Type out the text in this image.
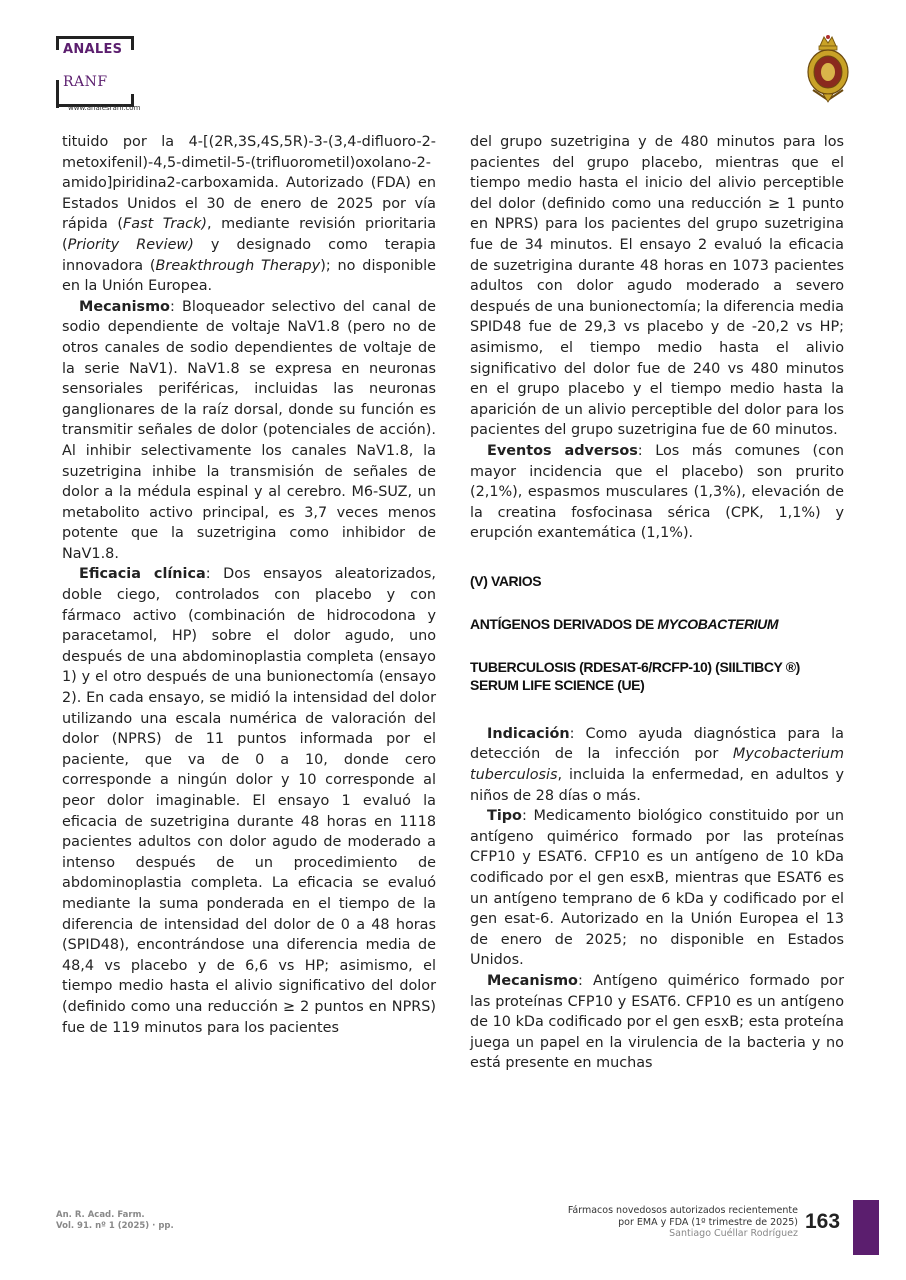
ANALES
RANF
www.analesranf.com

tituido por la 4-[(2R,3S,4S,5R)-3-(3,4-difluoro-2-metoxifenil)-4,5-dimetil-5-(trifluorometil)oxolano-2-amido]piridina2-carboxamida. Autorizado (FDA) en Estados Unidos el 30 de enero de 2025 por vía rápida (Fast Track), mediante revisión prioritaria (Priority Review) y designado como terapia innovadora (Breakthrough Therapy); no disponible en la Unión Europea.

Mecanismo: Bloqueador selectivo del canal de sodio dependiente de voltaje NaV1.8 (pero no de otros canales de sodio dependientes de voltaje de la serie NaV1). NaV1.8 se expresa en neuronas sensoriales periféricas, incluidas las neuronas ganglionares de la raíz dorsal, donde su función es transmitir señales de dolor (potenciales de acción). Al inhibir selectivamente los canales NaV1.8, la suzetrigina inhibe la transmisión de señales de dolor a la médula espinal y al cerebro. M6-SUZ, un metabolito activo principal, es 3,7 veces menos potente que la suzetrigina como inhibidor de NaV1.8.

Eficacia clínica: Dos ensayos aleatorizados, doble ciego, controlados con placebo y con fármaco activo (combinación de hidrocodona y paracetamol, HP) sobre el dolor agudo, uno después de una abdominoplastia completa (ensayo 1) y el otro después de una bunionectomía (ensayo 2). En cada ensayo, se midió la intensidad del dolor utilizando una escala numérica de valoración del dolor (NPRS) de 11 puntos informada por el paciente, que va de 0 a 10, donde cero corresponde a ningún dolor y 10 corresponde al peor dolor imaginable. El ensayo 1 evaluó la eficacia de suzetrigina durante 48 horas en 1118 pacientes adultos con dolor agudo de moderado a intenso después de un procedimiento de abdominoplastia completa. La eficacia se evaluó mediante la suma ponderada en el tiempo de la diferencia de intensidad del dolor de 0 a 48 horas (SPID48), encontrándose una diferencia media de 48,4 vs placebo y de 6,6 vs HP; asimismo, el tiempo medio hasta el alivio significativo del dolor (definido como una reducción ≥ 2 puntos en NPRS) fue de 119 minutos para los pacientes

del grupo suzetrigina y de 480 minutos para los pacientes del grupo placebo, mientras que el tiempo medio hasta el inicio del alivio perceptible del dolor (definido como una reducción ≥ 1 punto en NPRS) para los pacientes del grupo suzetrigina fue de 34 minutos. El ensayo 2 evaluó la eficacia de suzetrigina durante 48 horas en 1073 pacientes adultos con dolor agudo moderado a severo después de una bunionectomía; la diferencia media SPID48 fue de 29,3 vs placebo y de -20,2 vs HP; asimismo, el tiempo medio hasta el alivio significativo del dolor fue de 240 vs 480 minutos en el grupo placebo y el tiempo medio hasta la aparición de un alivio perceptible del dolor para los pacientes del grupo suzetrigina fue de 60 minutos.

Eventos adversos: Los más comunes (con mayor incidencia que el placebo) son prurito (2,1%), espasmos musculares (1,3%), elevación de la creatina fosfocinasa sérica (CPK, 1,1%) y erupción exantemática (1,1%).

(V) VARIOS
ANTÍGENOS DERIVADOS DE MYCOBACTERIUM
TUBERCULOSIS (RDESAT-6/RCFP-10) (SIILTIBCY ®) SERUM LIFE SCIENCE (UE)

Indicación: Como ayuda diagnóstica para la detección de la infección por Mycobacterium tuberculosis, incluida la enfermedad, en adultos y niños de 28 días o más.

Tipo: Medicamento biológico constituido por un antígeno quimérico formado por las proteínas CFP10 y ESAT6. CFP10 es un antígeno de 10 kDa codificado por el gen esxB, mientras que ESAT6 es un antígeno temprano de 6 kDa y codificado por el gen esat-6. Autorizado en la Unión Europea el 13 de enero de 2025; no disponible en Estados Unidos.

Mecanismo: Antígeno quimérico formado por las proteínas CFP10 y ESAT6. CFP10 es un antígeno de 10 kDa codificado por el gen esxB; esta proteína juega un papel en la virulencia de la bacteria y no está presente en muchas

An. R. Acad. Farm.
Vol. 91. nº 1 (2025) · pp.
Fármacos novedosos autorizados recientemente
por EMA y FDA (1º trimestre de 2025)
Santiago Cuéllar Rodríguez
163
